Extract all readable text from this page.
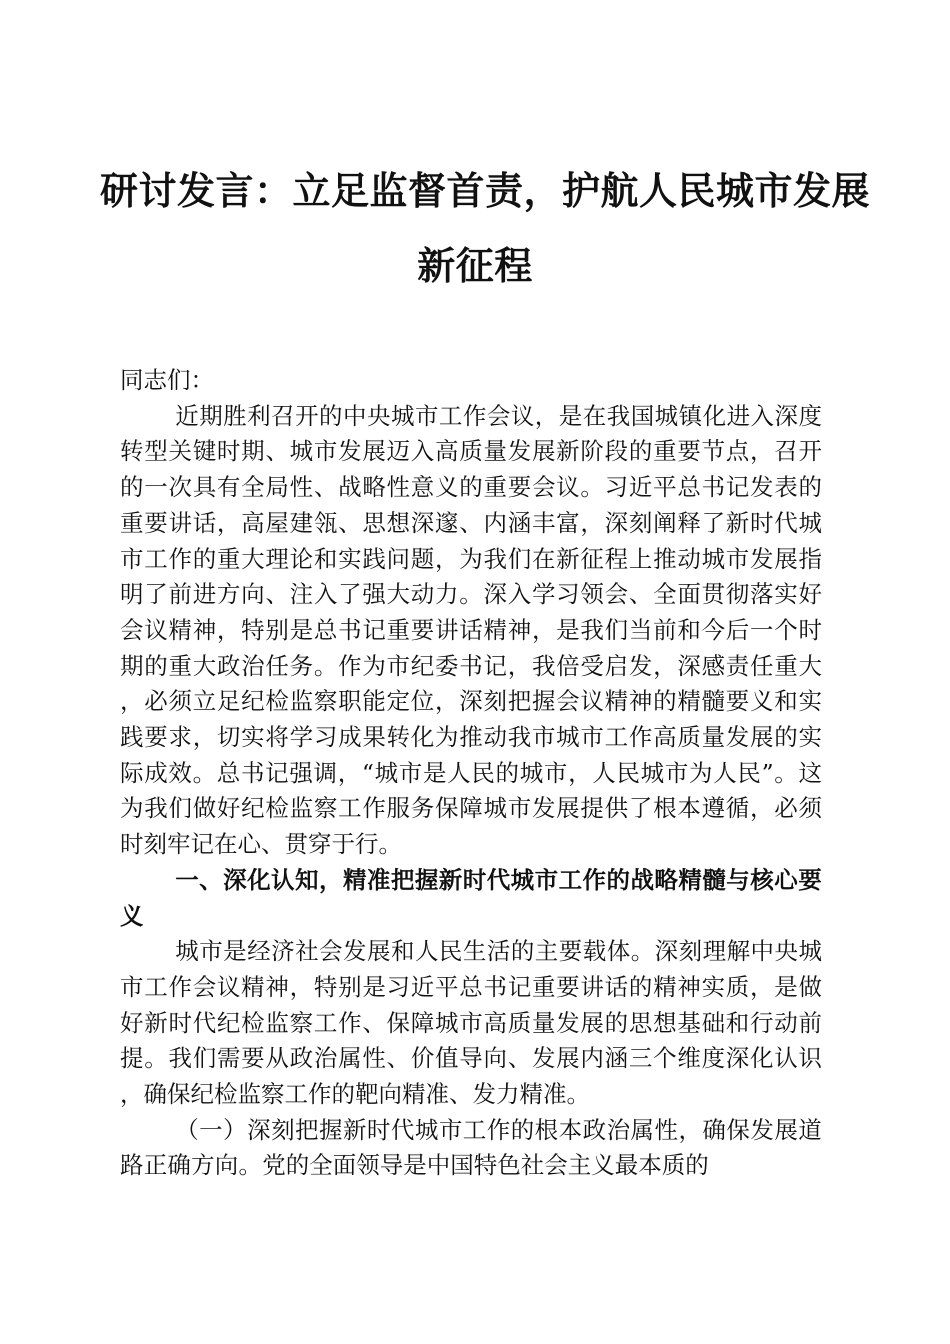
研讨发言：立足监督首责，护航人民城市发展
新征程

同志们：

近期胜利召开的中央城市工作会议，是在我国城镇化进入深度转型关键时期、城市发展迈入高质量发展新阶段的重要节点，召开的一次具有全局性、战略性意义的重要会议。习近平总书记发表的重要讲话，高屋建瓴、思想深邃、内涵丰富，深刻阐释了新时代城市工作的重大理论和实践问题，为我们在新征程上推动城市发展指明了前进方向、注入了强大动力。深入学习领会、全面贯彻落实好会议精神，特别是总书记重要讲话精神，是我们当前和今后一个时期的重大政治任务。作为市纪委书记，我倍受启发，深感责任重大，必须立足纪检监察职能定位，深刻把握会议精神的精髓要义和实践要求，切实将学习成果转化为推动我市城市工作高质量发展的实际成效。总书记强调，“城市是人民的城市，人民城市为人民”。这为我们做好纪检监察工作服务保障城市发展提供了根本遵循，必须时刻牢记在心、贯穿于行。

一、深化认知，精准把握新时代城市工作的战略精髓与核心要义

城市是经济社会发展和人民生活的主要载体。深刻理解中央城市工作会议精神，特别是习近平总书记重要讲话的精神实质，是做好新时代纪检监察工作、保障城市高质量发展的思想基础和行动前提。我们需要从政治属性、价值导向、发展内涵三个维度深化认识，确保纪检监察工作的靶向精准、发力精准。

（一）深刻把握新时代城市工作的根本政治属性，确保发展道路正确方向。党的全面领导是中国特色社会主义最本质的
